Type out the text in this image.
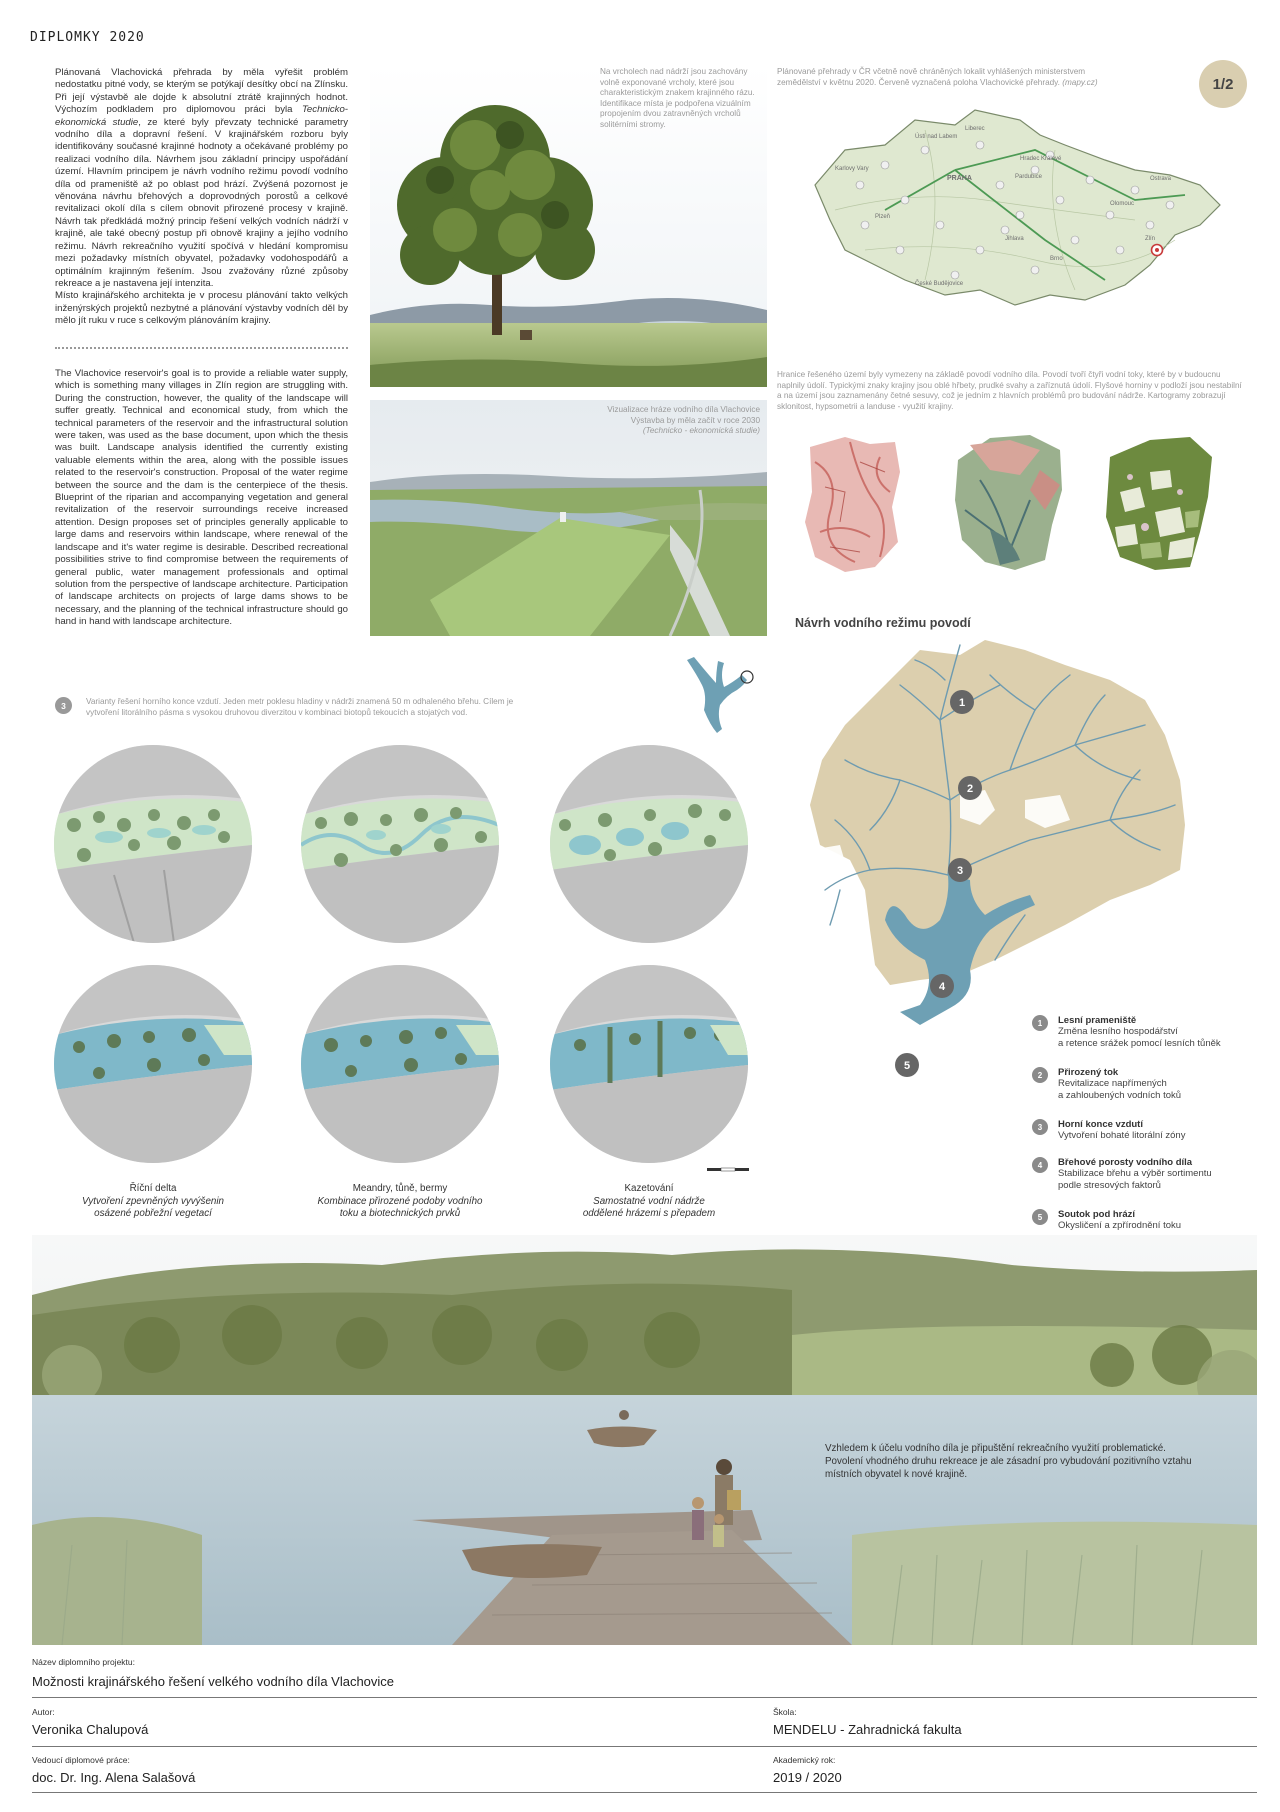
DIPLOMKY 2020
1/2
Plánovaná Vlachovická přehrada by měla vyřešit problém nedostatku pitné vody, se kterým se potýkají desítky obcí na Zlínsku. Při její výstavbě ale dojde k absolutní ztrátě krajinných hodnot. Výchozím podkladem pro diplomovou práci byla Technicko-ekonomická studie, ze které byly převzaty technické parametry vodního díla a dopravní řešení. V krajinářském rozboru byly identifikovány současné krajinné hodnoty a očekávané problémy po realizaci vodního díla. Návrhem jsou základní principy uspořádání území. Hlavním principem je návrh vodního režimu povodí vodního díla od prameniště až po oblast pod hrází. Zvýšená pozornost je věnována návrhu břehových a doprovodných porostů a celkové revitalizaci okolí díla s cílem obnovit přirozené procesy v krajině. Návrh tak předkládá možný princip řešení velkých vodních nádrží v krajině, ale také obecný postup při obnově krajiny a jejího vodního režimu. Návrh rekreačního využití spočívá v hledání kompromisu mezi požadavky místních obyvatel, požadavky vodohospodářů a optimálním krajinným řešením. Jsou zvažovány různé způsoby rekreace a je nastavena její intenzita.
Místo krajinářského architekta je v procesu plánování takto velkých inženýrských projektů nezbytné a plánování výstavby vodních děl by mělo jít ruku v ruce s celkovým plánováním krajiny.
The Vlachovice reservoir's goal is to provide a reliable water supply, which is something many villages in Zlín region are struggling with. During the construction, however, the quality of the landscape will suffer greatly. Technical and economical study, from which the technical parameters of the reservoir and the infrastructural solution were taken, was used as the base document, upon which the thesis was built. Landscape analysis identified the currently existing valuable elements within the area, along with the possible issues related to the reservoir's construction. Proposal of the water regime between the source and the dam is the centerpiece of the thesis. Blueprint of the riparian and accompanying vegetation and general revitalization of the reservoir surroundings receive increased attention. Design proposes set of principles generally applicable to large dams and reservoirs within landscape, where renewal of the landscape and it's water regime is desirable. Described recreational possibilities strive to find compromise between the requirements of general public, water management professionals and optimal solution from the perspective of landscape architecture. Participation of landscape architects on projects of large dams shows to be necessary, and the planning of the technical infrastructure should go hand in hand with landscape architecture.
Na vrcholech nad nádrží jsou zachovány volně exponované vrcholy, které jsou charakteristickým znakem krajinného rázu. Identifikace místa je podpořena vizuálním propojením dvou zatravněných vrcholů solitérními stromy.
Vizualizace hráze vodního díla Vlachovice
Výstavba by měla začít v roce 2030
(Technicko - ekonomická studie)
Plánované přehrady v ČR včetně nově chráněných lokalit vyhlášených ministerstvem zemědělství v květnu 2020. Červeně vyznačená poloha Vlachovické přehrady. (mapy.cz)
PRAHA
Brno
Ostrava
Zlín
Olomouc
Plzeň
Liberec
Hradec Králové
Pardubice
Jihlava
České Budějovice
Karlovy Vary
Ústí nad Labem
Hranice řešeného území byly vymezeny na základě povodí vodního díla. Povodí tvoří čtyři vodní toky, které by v budoucnu naplnily údolí. Typickými znaky krajiny jsou oblé hřbety, prudké svahy a zaříznutá údolí. Flyšové horniny v podloží jsou nestabilní a na území jsou zaznamenány četné sesuvy, což je jedním z hlavních problémů pro budování nádrže. Kartogramy zobrazují sklonitost, hypsometrii a landuse - využití krajiny.
Návrh vodního režimu povodí
1
2
3
4
5
1	Lesní prameniště
Změna lesního hospodářství
a retence srážek pomocí lesních tůněk
2	Přirozený tok
Revitalizace napřímených
a zahloubených vodních toků
3	Horní konce vzdutí
Vytvoření bohaté litorální zóny
4	Břehové porosty vodního díla
Stabilizace břehu a výběr sortimentu
podle stresových faktorů
5	Soutok pod hrází
Okysličení a zpřírodnění toku
3	Varianty řešení horního konce vzdutí. Jeden metr poklesu hladiny v nádrži znamená 50 m odhaleného břehu. Cílem je vytvoření litorálního pásma s vysokou druhovou diverzitou v kombinaci biotopů tekoucích a stojatých vod.
Říční delta
Vytvoření zpevněných vyvýšenin
osázené pobřežní vegetací
Meandry, tůně, bermy
Kombinace přirozené podoby vodního
toku a biotechnických prvků
Kazetování
Samostatné vodní nádrže
oddělené hrázemi s přepadem
Vzhledem k účelu vodního díla je připuštění rekreačního využití problematické. Povolení vhodného druhu rekreace je ale zásadní pro vybudování pozitivního vztahu místních obyvatel k nové krajině.
Název diplomního projektu:
Možnosti krajinářského řešení velkého vodního díla Vlachovice
Autor:
Veronika Chalupová
Škola:
MENDELU - Zahradnická fakulta
Vedoucí diplomové práce:
doc. Dr. Ing. Alena Salašová
Akademický rok:
2019 / 2020
